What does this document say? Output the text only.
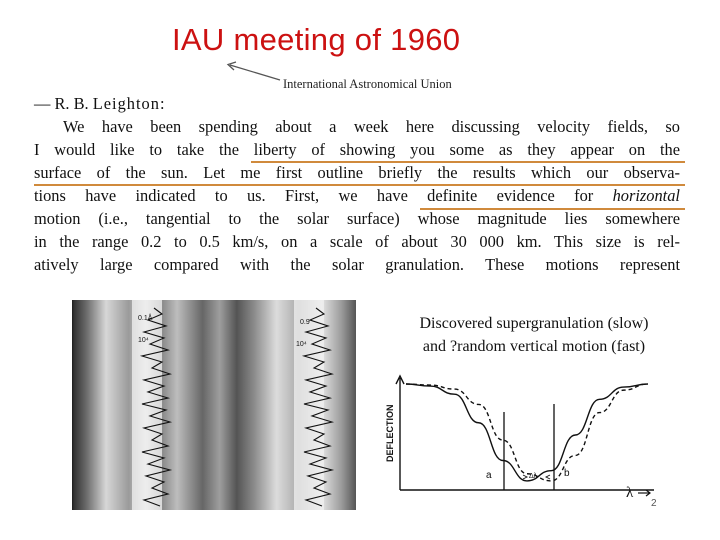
IAU meeting of 1960
International Astronomical Union
— R. B. Leighton:
We have been spending about a week here discussing velocity fields, so
I would like to take the liberty of showing you some as they appear on the
surface of the sun. Let me first outline briefly the results which our observa-
tions have indicated to us. First, we have definite evidence for horizontal
motion (i.e., tangential to the solar surface) whose magnitude lies somewhere
in the range 0.2 to 0.5 km/s, on a scale of about 30 000 km. This size is rel-
atively large compared with the solar granulation. These motions represent
0.1Å
10⁴
0.9
10⁴
Discovered supergranulation (slow)
and ?random vertical motion (fast)
DEFLECTION
λ
a	b
Δλ
2
